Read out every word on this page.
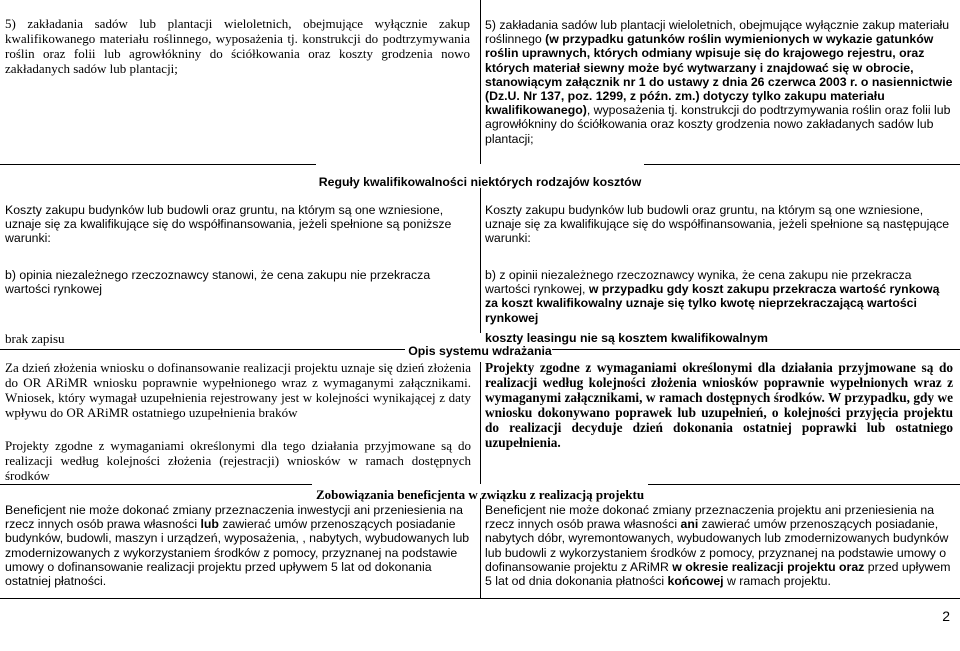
5) zakładania sadów lub plantacji wieloletnich, obejmujące wyłącznie zakup kwalifikowanego materiału roślinnego, wyposażenia tj. konstrukcji do podtrzymywania roślin oraz folii lub agrowłókniny do ściółkowania oraz koszty grodzenia nowo zakładanych sadów lub plantacji;
5) zakładania sadów lub plantacji wieloletnich, obejmujące wyłącznie zakup materiału roślinnego (w przypadku gatunków roślin wymienionych w wykazie gatunków roślin uprawnych, których odmiany wpisuje się do krajowego rejestru, oraz których materiał siewny może być wytwarzany i znajdować się w obrocie, stanowiącym załącznik nr 1 do ustawy z dnia 26 czerwca 2003 r. o nasiennictwie (Dz.U. Nr 137, poz. 1299, z późn. zm.) dotyczy tylko zakupu materiału kwalifikowanego), wyposażenia tj. konstrukcji do podtrzymywania roślin oraz folii lub agrowłókniny do ściółkowania oraz koszty grodzenia nowo zakładanych sadów lub plantacji;
Reguły kwalifikowalności niektórych rodzajów kosztów
Koszty zakupu budynków lub budowli oraz gruntu, na którym są one wzniesione, uznaje się za kwalifikujące się do współfinansowania, jeżeli spełnione są poniższe warunki:
Koszty zakupu budynków lub budowli oraz gruntu, na którym są one wzniesione, uznaje się za kwalifikujące się do współfinansowania, jeżeli spełnione są następujące warunki:
b) opinia niezależnego rzeczoznawcy stanowi, że cena zakupu nie przekracza wartości rynkowej
b) z opinii niezależnego rzeczoznawcy wynika, że cena zakupu nie przekracza wartości rynkowej, w przypadku gdy koszt zakupu przekracza wartość rynkową za koszt kwalifikowalny uznaje się tylko kwotę nieprzekraczającą wartości rynkowej
brak zapisu	koszty leasingu nie są kosztem kwalifikowalnym
Opis systemu wdrażania
Za dzień złożenia wniosku o dofinansowanie realizacji projektu uznaje się dzień złożenia do OR ARiMR wniosku poprawnie wypełnionego wraz z wymaganymi załącznikami. Wniosek, który wymagał uzupełnienia rejestrowany jest w kolejności wynikającej z daty wpływu do OR ARiMR ostatniego uzupełnienia braków
Projekty zgodne z wymaganiami określonymi dla tego działania przyjmowane są do realizacji według kolejności złożenia (rejestracji) wniosków w ramach dostępnych środków
Projekty zgodne z wymaganiami określonymi dla działania przyjmowane są do realizacji według kolejności złożenia wniosków poprawnie wypełnionych wraz z wymaganymi załącznikami, w ramach dostępnych środków. W przypadku, gdy we wniosku dokonywano poprawek lub uzupełnień, o kolejności przyjęcia projektu do realizacji decyduje dzień dokonania ostatniej poprawki lub ostatniego uzupełnienia.
Zobowiązania beneficjenta w związku z realizacją projektu
Beneficjent nie może dokonać zmiany przeznaczenia inwestycji ani przeniesienia na rzecz innych osób prawa własności lub zawierać umów przenoszących posiadanie budynków, budowli, maszyn i urządzeń, wyposażenia, , nabytych, wybudowanych lub zmodernizowanych z wykorzystaniem środków z pomocy, przyznanej na podstawie umowy o dofinansowanie realizacji projektu przed upływem 5 lat od dokonania ostatniej płatności.
Beneficjent nie może dokonać zmiany przeznaczenia projektu ani przeniesienia na rzecz innych osób prawa własności ani zawierać umów przenoszących posiadanie, nabytych dóbr, wyremontowanych, wybudowanych lub zmodernizowanych budynków lub budowli z wykorzystaniem środków z pomocy, przyznanej na podstawie umowy o dofinansowanie projektu z ARiMR w okresie realizacji projektu oraz przed upływem 5 lat od dnia dokonania płatności końcowej w ramach projektu.
2
